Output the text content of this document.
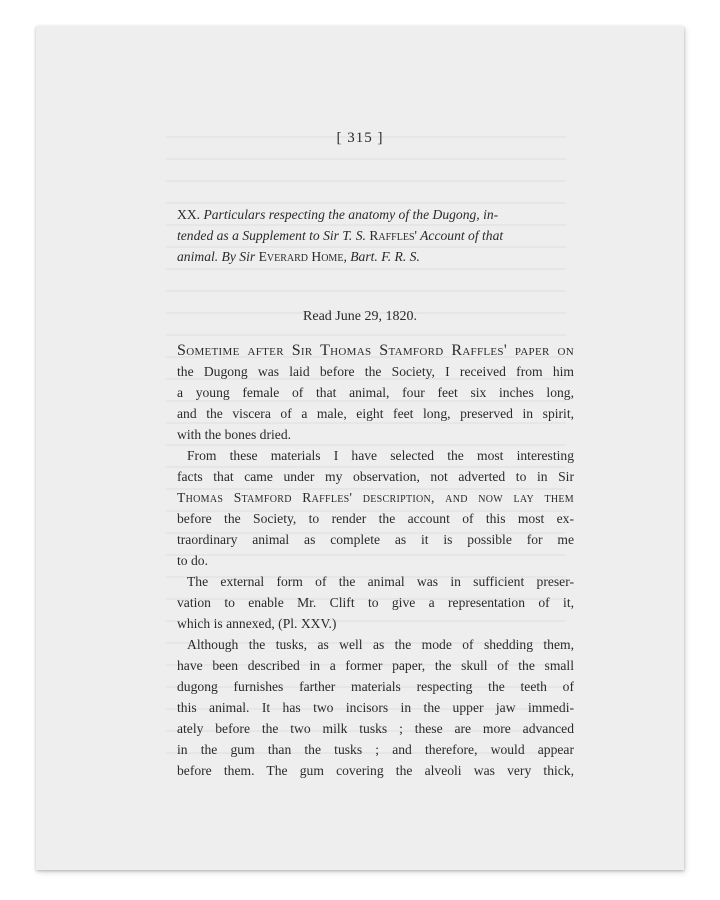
[ 315 ]
XX. Particulars respecting the anatomy of the Dugong, in-
tended as a Supplement to Sir T. S. Raffles' Account of that
animal. By Sir Everard Home, Bart. F. R. S.
Read June 29, 1820.

Sometime after Sir Thomas Stamford Raffles' paper on
the Dugong was laid before the Society, I received from him
a young female of that animal, four feet six inches long,
and the viscera of a male, eight feet long, preserved in spirit,
with the bones dried.

From these materials I have selected the most interesting
facts that came under my observation, not adverted to in Sir
Thomas Stamford Raffles' description, and now lay them
before the Society, to render the account of this most ex-
traordinary animal as complete as it is possible for me
to do.

The external form of the animal was in sufficient preser-
vation to enable Mr. Clift to give a representation of it,
which is annexed, (Pl. XXV.)

Although the tusks, as well as the mode of shedding them,
have been described in a former paper, the skull of the small
dugong furnishes farther materials respecting the teeth of
this animal. It has two incisors in the upper jaw immedi-
ately before the two milk tusks ; these are more advanced
in the gum than the tusks ; and therefore, would appear
before them. The gum covering the alveoli was very thick,
